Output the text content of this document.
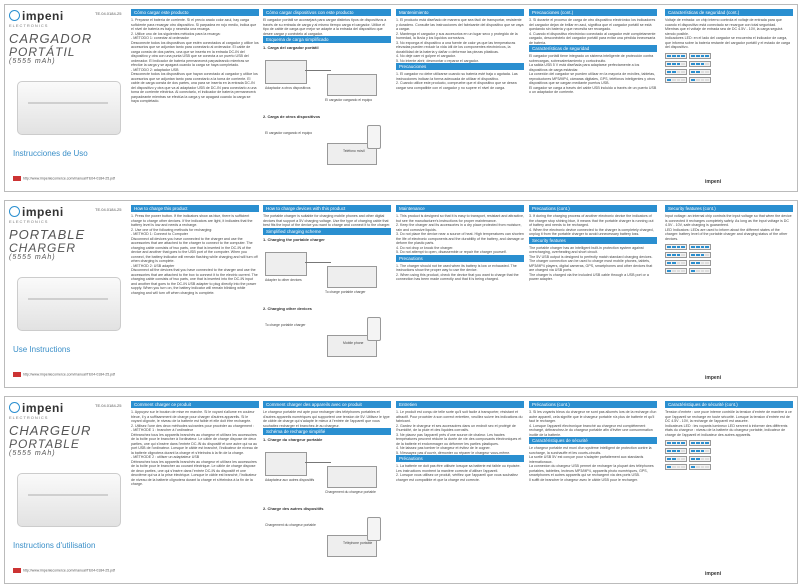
impeni
ELECTRONICS
TE.04.0184-25
CARGADOR
PORTÁTIL
(5555 mAh)
Instrucciones de Uso
http://www.impeniecomerce.com/manual/TE04-0184-25.pdf
Cómo cargar este producto
1. Preparar el batería de corriente. Si el precio arado color azul, hay carga suficiente para recargar otro dispositivo. Si parpadea en rojo medio, indica que el nivel de batería es bajo y necesita una recarga.
2. Utilice uno de los siguientes métodos para la recarga:
- MÉTODO 1: conectar al ordenador
Desconecte todos los dispositivos que estén conectados al cargador y utilice los accesorios que se adjuntan tanto para conectarlo al ordenador. El cable de carga consta de dos partes, una que se inserta en la entrada DC-IN del dispositivo y otra con una punta USB que se conecta a un puerto USB del ordenador. El indicador de batería permanecerá parpadeando mientras se efectúe la carga y se apagará cuando la carga se haya completado.
- MÉTODO 2: adaptador USB
Desconecte todos los dispositivos que hayan conectado al cargador y utilice los accesorios que se adjuntan tanto para conectarlo a la toma de corriente. El cable de carga consta de dos partes, una para se inserta en la entrada DC-IN del dispositivo y otra que va al adaptador USB de DC-IN para conectarlo a una toma de corriente eléctrica. Al conectarlo, el indicador de batería permanecerá parpadeante mientras se efectúa la carga y se apagará cuando la carga se haya completado.
Cómo cargar dispositivos con este producto
El cargador portátil se aconsejará para cargar distintos tipos de dispositivos a través de su entrada de carga y al mismo tiempo carga el cargador. Utilice el tipo de cable de carga que mejor se adapte a la entrada del dispositivo que desee cargar y conéctelo al cargador.
Esquema de carga simplificado
1. Carga del cargador portátil
Adaptador a otros dispositivos
El cargador cargando el equipo
2. Carga de otros dispositivos
Teléfono móvil
El cargador cargando el equipo
Mantenimiento
1. El producto está diseñado de manera que sea fácil de transportar, resistente y duradero. Consulte las instrucciones del fabricante del dispositivo que se vaya a cargar.
2. Mantenga el cargador y sus accesorios en un lugar seco y protegido de la humedad, la lluvia y los líquidos corrosivos.
3. No exponga el dispositivo a una fuente de calor ya que las temperaturas elevadas pueden reducir la vida útil de los componentes electrónicos, la durabilidad de la batería y dañar o deformar las piezas plásticas.
4. No deje caer ni golpee el cargador.
5. No intente abrir, desmontar o reparar el cargador.
Precauciones
1. El cargador no debe utilizarse cuando su batería esté baja o agotada. Las instrucciones indican la forma adecuada de utilizar el dispositivo.
2. Cuando utilice este producto, compruebe que el dispositivo que se desea cargar sea compatible con el cargador y no supere el nivel de carga.
Precauciones (cont.)
3. Si durante el proceso de carga de otro dispositivo electrónico los indicadores del cargador dejan de brillar en azul, significa que el cargador portátil se está quedando sin batería y que necesita ser recargado.
4. Cuando el dispositivo electrónico conectado al cargador esté completamente cargado, desconéctelo del cargador portátil para evitar una pérdida innecesaria de batería.
Características de seguridad
El cargador portátil tiene integrado un sistema inteligente de protección contra sobrecargas, sobrecalentamiento y cortocircuito.
La salida USB 5 V está diseñada para adaptarse perfectamente a los dispositivos de carga estándar.
La conexión del cargador se pueden utilizar en la mayoría de móviles, tabletas, reproductores MP3/MP4, cámaras digitales, GPS, teléfonos inteligentes y otros dispositivos que se cargan mediante puertos USB.
El cargador se carga a través del cable USB incluido a través de un puerto USB o un adaptador de corriente.
Características de seguridad (cont.)
Voltaje de entrada: un chip interno controla el voltaje de entrada para que cuando el dispositivo está conectado se recargue con total seguridad.
Mientras que el voltaje de entrada sea de DC 4.5V - 10V, la carga seguirá siendo posible.
Indicadores LED: en el lado del cargador se encuentra el indicador de carga, que informa sobre la batería restante del cargador portátil y el estado de carga del dispositivo.
impeni
impeni
ELECTRONICS
TE.04.0184-25
PORTABLE
CHARGER
(5555 mAh)
Use Instructions
http://www.impeniecomerce.com/manual/TE04-0184-25.pdf
How to charge this product
1. Press the power button. If the indicators show as blue, there is sufficient charge to charge other devices. If the indicators are light, it indicates that the battery level is low and needs a recharge.
2. Use one of the following methods for recharging:
- METHOD 1: Connect to Computer
Disconnect all devices you have connected to the charger and use the accessories that are attached to the charger to connect to the computer. The charging cable consists of two parts, one that is inserted in the DC-IN of the device and another that goes to the USB port of the computer. When you connect, the battery indicator will remain flashing while charging and will turn off when charging is complete.
- METHOD 2: USB adapter
Disconnect all the devices that you have connected to the charger and use the accessories that are attached to the box to connect it to the electric current. The charging cable consists of two parts, one that is inserted into the DC-IN input and another that goes to the DC-IN USB adapter to plug directly into the power supply. When you turn on, the battery indicator will remain blinking while charging and will turn off when charging is complete.
How to charge devices with this product
The portable charger is suitable for charging mobile phones and other digital devices that support a 5V charging voltage. Use the type of charging cable that best fits the input of the device you want to charge and connect it to the charger.
Simplified charging scheme
1. Charging the portable charger
Adapter to other devices
To charge portable charger
2. Charging other devices
Mobile phone
To charge portable charger
Maintenance
1. This product is designed so that it is easy to transport, resistant and attractive, but see the manufacturer's instructions for proper maintenance.
2. Keep the charger and its accessories in a dry place protected from moisture, rain and corrosive liquids.
3. Do not place the device near a source of heat. High temperatures can shorten the life of electronic components and the durability of the battery, and damage or deform the plastic parts.
4. Do not drop or knock the charger.
5. Do not attempt to open, disassemble or repair the charger yourself.
Precautions
1. The charger should not be used when its battery is low or exhausted. The instructions show the proper way to use the device.
2. When using this product, check the device that you want to charge that the connection has been made correctly and that it is being charged.
Precautions (cont.)
3. If during the charging process of another electronic device the indicators of the charger stop shining blue, it means that the portable charger is running out of battery and needs to be recharged.
4. When the electronic device connected to the charger is completely charged, unplug it from the portable charger to avoid unnecessary battery loss.
Security features
The portable charger has an intelligent built-in protection system against overcharging, overheating and short circuit.
The 5V USB output is designed to perfectly match standard charging devices.
The charger connection can be used to charge most mobile phones, tablets, MP3/MP4 players, digital cameras, GPS, smartphones and other devices that are charged via USB ports.
The charger is charged via the included USB cable through a USB port or a power adapter.
Security features (cont.)
Input voltage: an internal chip controls the input voltage so that when the device is connected it recharges completely safely. As long as the input voltage is DC 4.5V - 10V, safe charging is guaranteed.
LED Indicators: LEDs are used to inform about the different states of the charger: battery level of the portable charger and charging status of the other devices.
impeni
impeni
ELECTRONICS
TE.04.0184-25
CHARGEUR
PORTABLE
(5555 mAh)
Instructions d'utilisation
http://www.impeniecomerce.com/manual/TE04-0184-25.pdf
Comment charger ce produit
1. Appuyez sur le bouton de mise en marche. Si le voyant s'allume en couleur bleue, il y a suffisamment de charge pour charger d'autres appareils. Si le voyant clignote, le niveau de la batterie est faible et elle doit être rechargée.
2. Utilisez l'une des deux méthodes suivantes pour procéder au chargement :
- MÉTHODE 1 : brancher à l'ordinateur
Débranchez tous les appareils branchés au chargeur et utilisez les accessoires de la boîte pour le brancher à l'ordinateur. Le câble de charge dispose de deux parties, une qui s'insère dans l'entrée DC-IN du dispositif et une autre qui va au port USB de l'ordinateur. Lorsque le câble est branché, l'indicateur de niveau de la batterie clignotera durant la charge et s'éteindra à la fin de la charge.
- MÉTHODE 2 : utiliser un adaptateur USB
Débranchez tous les appareils branchés au chargeur et utilisez les accessoires de la boîte pour le brancher au courant électrique. Le câble de charge dispose de deux parties, une qui s'insère dans l'entrée DC-IN du dispositif et une deuxième qui va à la prise électrique. Lorsque le câble est branché, l'indicateur de niveau de la batterie clignotera durant la charge et s'éteindra à la fin de la charge.
Comment charger des appareils avec ce produit
Le chargeur portable est apte pour recharger des téléphones portables et d'autres appareils numériques qui supportent une tension de 5V. Utilisez le type de câble de charge qui s'adapte le mieux à l'entrée de l'appareil que vous souhaitez recharger et branchez-le au chargeur.
Schéma de recharge simplifié
1. Charge du chargeur portable
Adaptateur aux autres dispositifs
Chargement du chargeur portable
2. Charge des autres dispositifs
Téléphone portable
Chargement du chargeur portable
Entretien
1. Le produit est conçu de telle sorte qu'il soit facile à transporter, résistant et attractif. Pour procéder à son correct entretien, veuillez suivre les indications du fabricant.
2. Gardez le chargeur et ses accessoires dans un endroit sec et protégé de l'humidité, de la pluie et des liquides corrosifs.
3. Ne placez pas l'appareil près d'une source de chaleur. Les hautes températures peuvent réduire la durée de vie des composants électroniques et de la batterie et endommager ou déformer les parties plastiques.
4. Ne laissez pas tomber le chargeur et évitez de le cogner.
5. N'essayez pas d'ouvrir, démonter ou réparer le chargeur vous-même.
Précautions
1. La batterie ne doit pas être utilisée lorsque sa batterie est faible ou épuisée. Les instructions montrent la manière correcte d'utiliser l'appareil.
2. Lorsque vous utilisez ce produit, vérifiez que l'appareil que vous souhaitez charger est compatible et que la charge est correcte.
Précautions (cont.)
3. Si les voyants bleus du chargeur ne sont pas allumés lors de la recharge d'un autre appareil, cela signifie que le chargeur portable n'a plus de batterie et qu'il faut le recharger.
4. Lorsque l'appareil électronique branché au chargeur est complètement rechargé, débranchez-le du chargeur portable afin d'éviter une consommation inutile de la batterie.
Caractéristiques de sécurité
Le chargeur portable est muni d'un système intelligent de protection contre la surcharge, la surchauffe et les courts-circuits.
La sortie USB 5V est conçue pour s'adapter parfaitement aux standards internationaux.
La connexion du chargeur USB permet de recharger la plupart des téléphones portables, tablettes, lecteurs MP3/MP4, appareils photo numériques, GPS, smartphones et autres appareils qui se rechargent via des ports USB.
Il suffit de brancher le chargeur avec le câble USB pour le recharger.
Caractéristiques de sécurité (cont.)
Tension d'entrée : une puce interne contrôle la tension d'entrée de manière à ce que l'appareil se recharge en toute sécurité. Lorsque la tension d'entrée est de DC 4.5V - 10V, la recharge de l'appareil est assurée.
Indicateurs LED : les voyants lumineux LED servent à informer des différents états du chargeur : niveau de la batterie du chargeur portable, indicateur de charge de l'appareil et indicateur des autres appareils.
impeni
